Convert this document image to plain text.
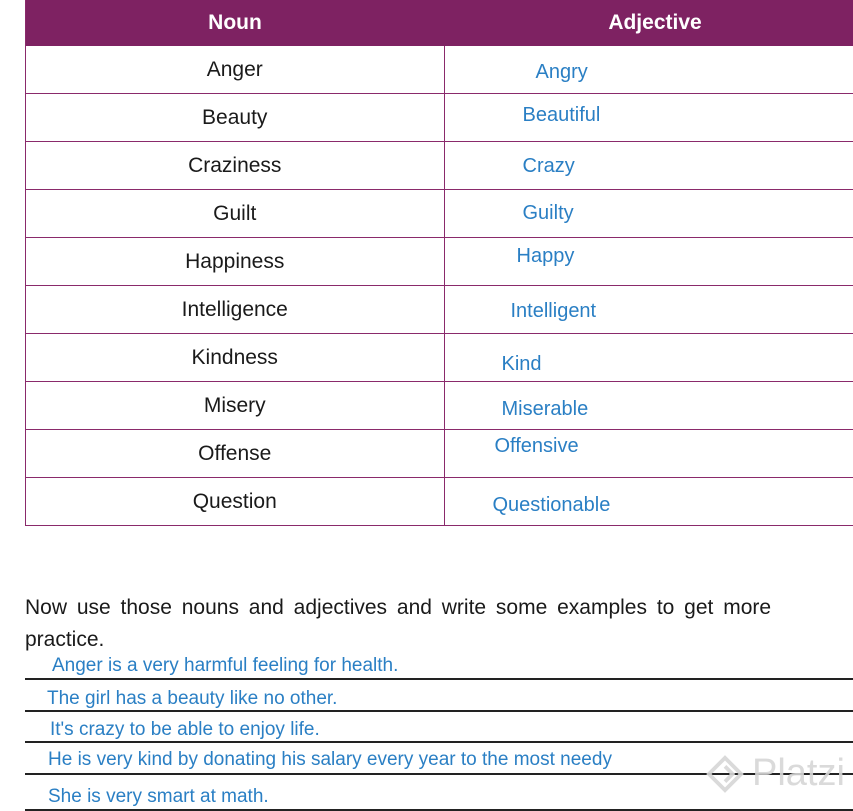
Noun	Adjective
Anger	Angry
Beauty	Beautiful
Craziness	Crazy
Guilt	Guilty
Happiness	Happy
Intelligence	Intelligent
Kindness	Kind
Misery	Miserable
Offense	Offensive
Question	Questionable
Now use those nouns and adjectives and write some examples to get more
practice.
Anger is a very harmful feeling for health.
The girl has a beauty like no other.
It's crazy to be able to enjoy life.
He is very kind by donating his salary every year to the most needy
She is very smart at math.
Platzi
